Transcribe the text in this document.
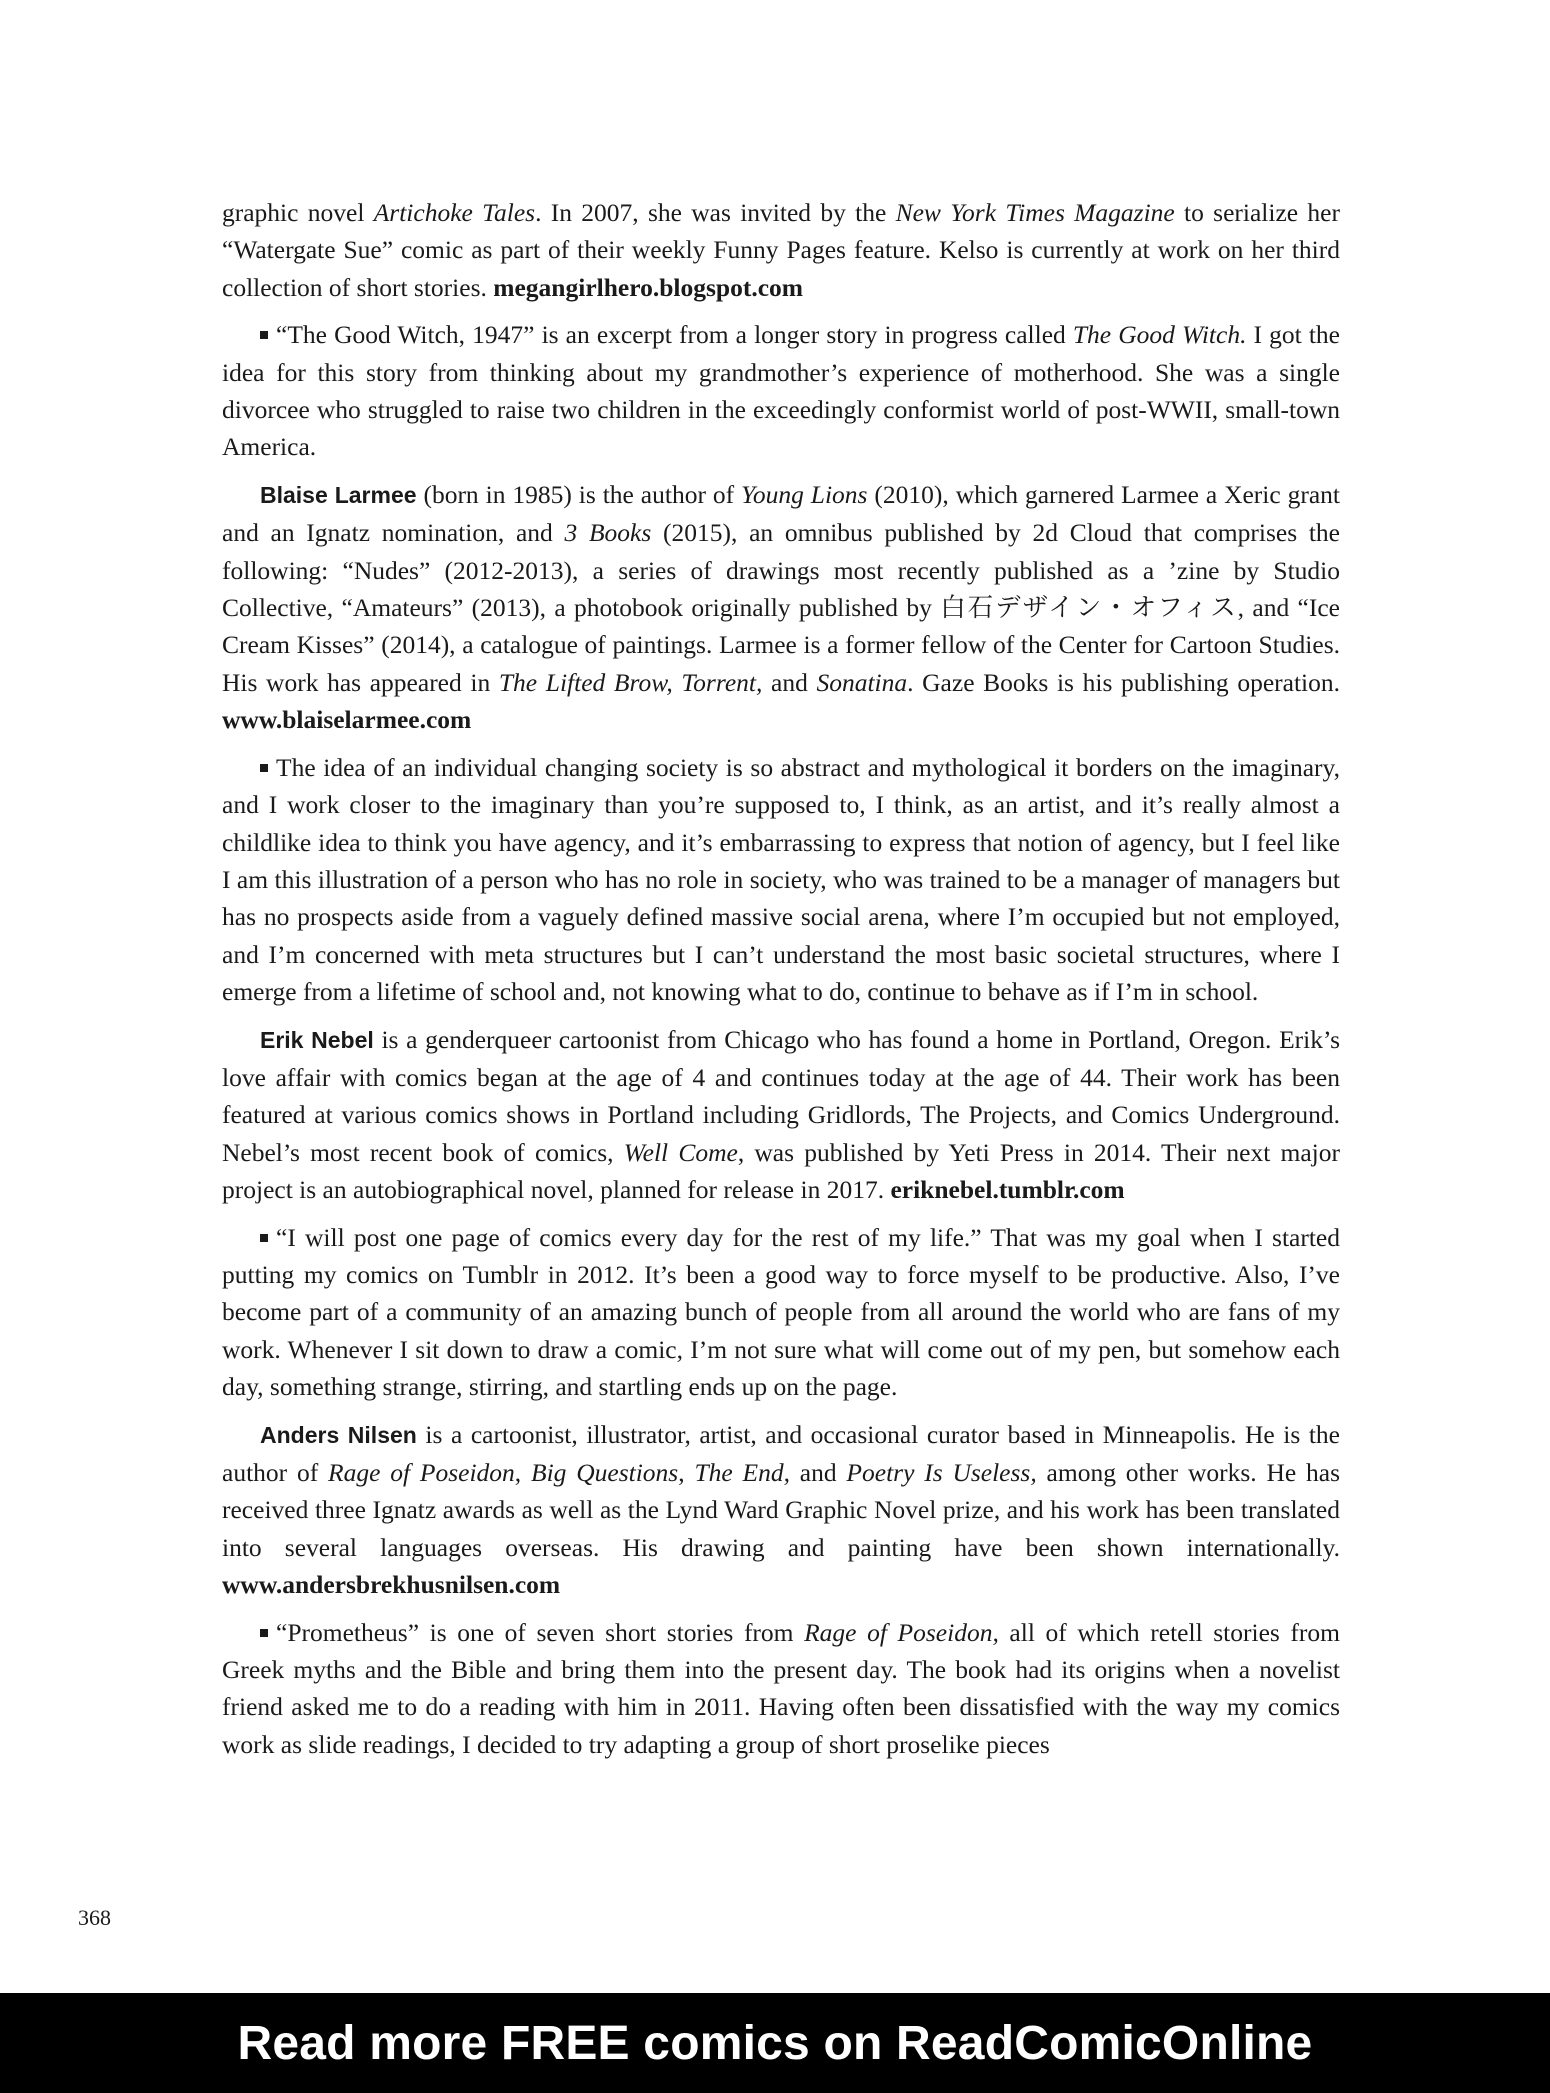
graphic novel Artichoke Tales. In 2007, she was invited by the New York Times Magazine to serialize her “Watergate Sue” comic as part of their weekly Funny Pages feature. Kelso is currently at work on her third collection of short stories. megangirlhero.blogspot.com

“The Good Witch, 1947” is an excerpt from a longer story in progress called The Good Witch. I got the idea for this story from thinking about my grandmother’s experience of motherhood. She was a single divorcee who struggled to raise two children in the exceedingly conformist world of post-WWII, small-town America.

Blaise Larmee (born in 1985) is the author of Young Lions (2010), which garnered Larmee a Xeric grant and an Ignatz nomination, and 3 Books (2015), an omnibus published by 2d Cloud that comprises the following: “Nudes” (2012-2013), a series of drawings most recently published as a ’zine by Studio Collective, “Amateurs” (2013), a photobook originally published by 白石デザイン・オフィス, and “Ice Cream Kisses” (2014), a catalogue of paintings. Larmee is a former fellow of the Center for Cartoon Studies. His work has appeared in The Lifted Brow, Torrent, and Sonatina. Gaze Books is his publishing operation. www.blaiselarmee.com

The idea of an individual changing society is so abstract and mythological it borders on the imaginary, and I work closer to the imaginary than you’re supposed to, I think, as an artist, and it’s really almost a childlike idea to think you have agency, and it’s embarrassing to express that notion of agency, but I feel like I am this illustration of a person who has no role in society, who was trained to be a manager of managers but has no prospects aside from a vaguely defined massive social arena, where I’m occupied but not employed, and I’m concerned with meta structures but I can’t understand the most basic societal structures, where I emerge from a lifetime of school and, not knowing what to do, continue to behave as if I’m in school.

Erik Nebel is a genderqueer cartoonist from Chicago who has found a home in Portland, Oregon. Erik’s love affair with comics began at the age of 4 and continues today at the age of 44. Their work has been featured at various comics shows in Portland including Gridlords, The Projects, and Comics Underground. Nebel’s most recent book of comics, Well Come, was published by Yeti Press in 2014. Their next major project is an autobiographical novel, planned for release in 2017. eriknebel.tumblr.com

“I will post one page of comics every day for the rest of my life.” That was my goal when I started putting my comics on Tumblr in 2012. It’s been a good way to force myself to be productive. Also, I’ve become part of a community of an amazing bunch of people from all around the world who are fans of my work. Whenever I sit down to draw a comic, I’m not sure what will come out of my pen, but somehow each day, something strange, stirring, and startling ends up on the page.

Anders Nilsen is a cartoonist, illustrator, artist, and occasional curator based in Minneapolis. He is the author of Rage of Poseidon, Big Questions, The End, and Poetry Is Useless, among other works. He has received three Ignatz awards as well as the Lynd Ward Graphic Novel prize, and his work has been translated into several languages overseas. His drawing and painting have been shown internationally. www.andersbrekhusnilsen.com

“Prometheus” is one of seven short stories from Rage of Poseidon, all of which retell stories from Greek myths and the Bible and bring them into the present day. The book had its origins when a novelist friend asked me to do a reading with him in 2011. Having often been dissatisfied with the way my comics work as slide readings, I decided to try adapting a group of short proselike pieces

368
Read more FREE comics on ReadComicOnline
